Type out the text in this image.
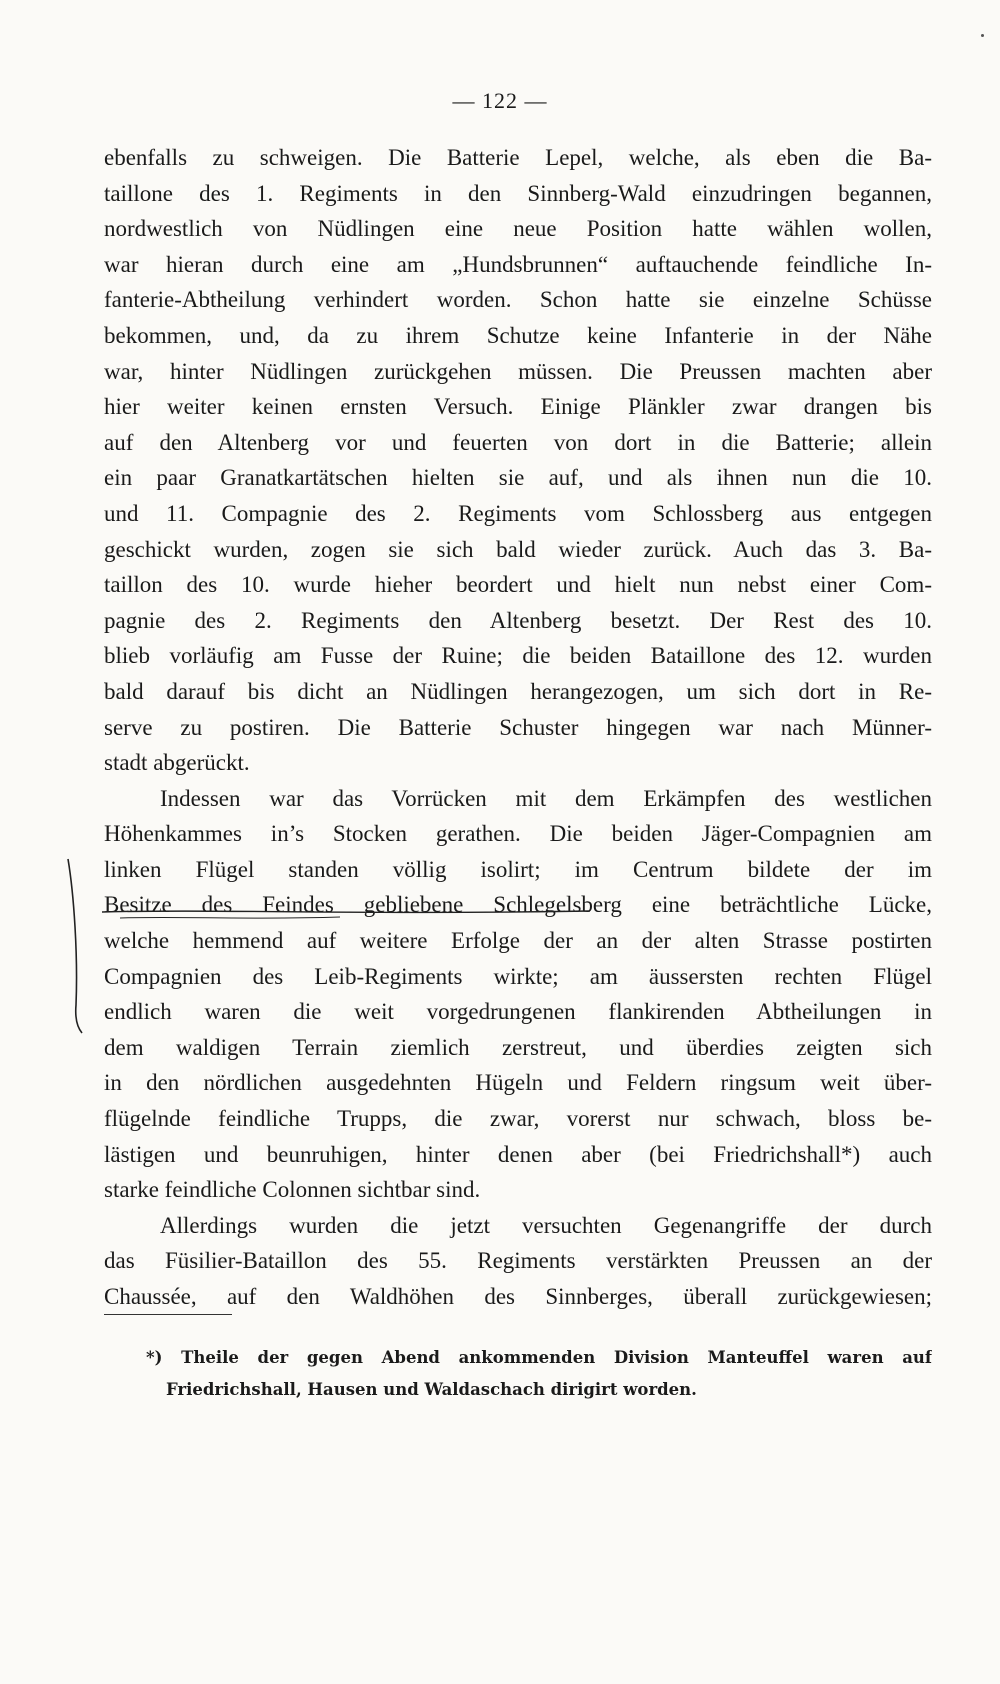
— 122 —
ebenfalls zu schweigen. Die Batterie Lepel, welche, als eben die Ba-
taillone des 1. Regiments in den Sinnberg-Wald einzudringen begannen,
nordwestlich von Nüdlingen eine neue Position hatte wählen wollen,
war hieran durch eine am „Hundsbrunnen“ auftauchende feindliche In-
fanterie-Abtheilung verhindert worden. Schon hatte sie einzelne Schüsse
bekommen, und, da zu ihrem Schutze keine Infanterie in der Nähe
war, hinter Nüdlingen zurückgehen müssen. Die Preussen machten aber
hier weiter keinen ernsten Versuch. Einige Plänkler zwar drangen bis
auf den Altenberg vor und feuerten von dort in die Batterie; allein
ein paar Granatkartätschen hielten sie auf, und als ihnen nun die 10.
und 11. Compagnie des 2. Regiments vom Schlossberg aus entgegen
geschickt wurden, zogen sie sich bald wieder zurück. Auch das 3. Ba-
taillon des 10. wurde hieher beordert und hielt nun nebst einer Com-
pagnie des 2. Regiments den Altenberg besetzt. Der Rest des 10.
blieb vorläufig am Fusse der Ruine; die beiden Bataillone des 12. wurden
bald darauf bis dicht an Nüdlingen herangezogen, um sich dort in Re-
serve zu postiren. Die Batterie Schuster hingegen war nach Münner-
stadt abgerückt.
Indessen war das Vorrücken mit dem Erkämpfen des westlichen
Höhenkammes in’s Stocken gerathen. Die beiden Jäger-Compagnien am
linken Flügel standen völlig isolirt; im Centrum bildete der im
Besitze des Feindes gebliebene Schlegelsberg eine beträchtliche Lücke,
welche hemmend auf weitere Erfolge der an der alten Strasse postirten
Compagnien des Leib-Regiments wirkte; am äussersten rechten Flügel
endlich waren die weit vorgedrungenen flankirenden Abtheilungen in
dem waldigen Terrain ziemlich zerstreut, und überdies zeigten sich
in den nördlichen ausgedehnten Hügeln und Feldern ringsum weit über-
flügelnde feindliche Trupps, die zwar, vorerst nur schwach, bloss be-
lästigen und beunruhigen, hinter denen aber (bei Friedrichshall*) auch
starke feindliche Colonnen sichtbar sind.
Allerdings wurden die jetzt versuchten Gegenangriffe der durch
das Füsilier-Bataillon des 55. Regiments verstärkten Preussen an der
Chaussée, auf den Waldhöhen des Sinnberges, überall zurückgewiesen;
*) Theile der gegen Abend ankommenden Division Manteuffel waren auf
Friedrichshall, Hausen und Waldaschach dirigirt worden.
